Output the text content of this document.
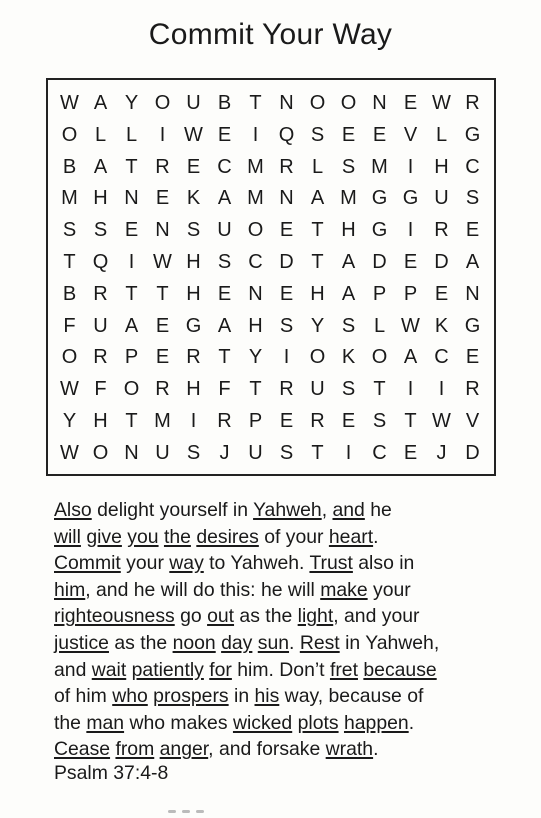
Commit Your Way
W A Y O U B T N O O N E W R
O L L	I W E	I	Q S E E V L G
B A T R E C M R L S M I	H C
M H N E K A M N A M G G U S
S S E N S U O E T H G	I	R E
T Q	I W H S C D T A D E D A
B R T T H E N E H A P P E N
F U A E G A H S Y S L W K G
O R P E R T Y	I	O K O A C E
W F O R H F T R U S T	I	I	R
Y H T M I	R P E R E S T W V
W O N U S J U S T	I	C E J D
Also delight yourself in Yahweh, and he
will give you the desires of your heart.
Commit your way to Yahweh. Trust also in
him, and he will do this: he will make your
righteousness go out as the light, and your
justice as the noon day sun. Rest in Yahweh,
and wait patiently for him. Don’t fret because
of him who prospers in his way, because of
the man who makes wicked plots happen.
Cease from anger, and forsake wrath.
Psalm 37:4-8
